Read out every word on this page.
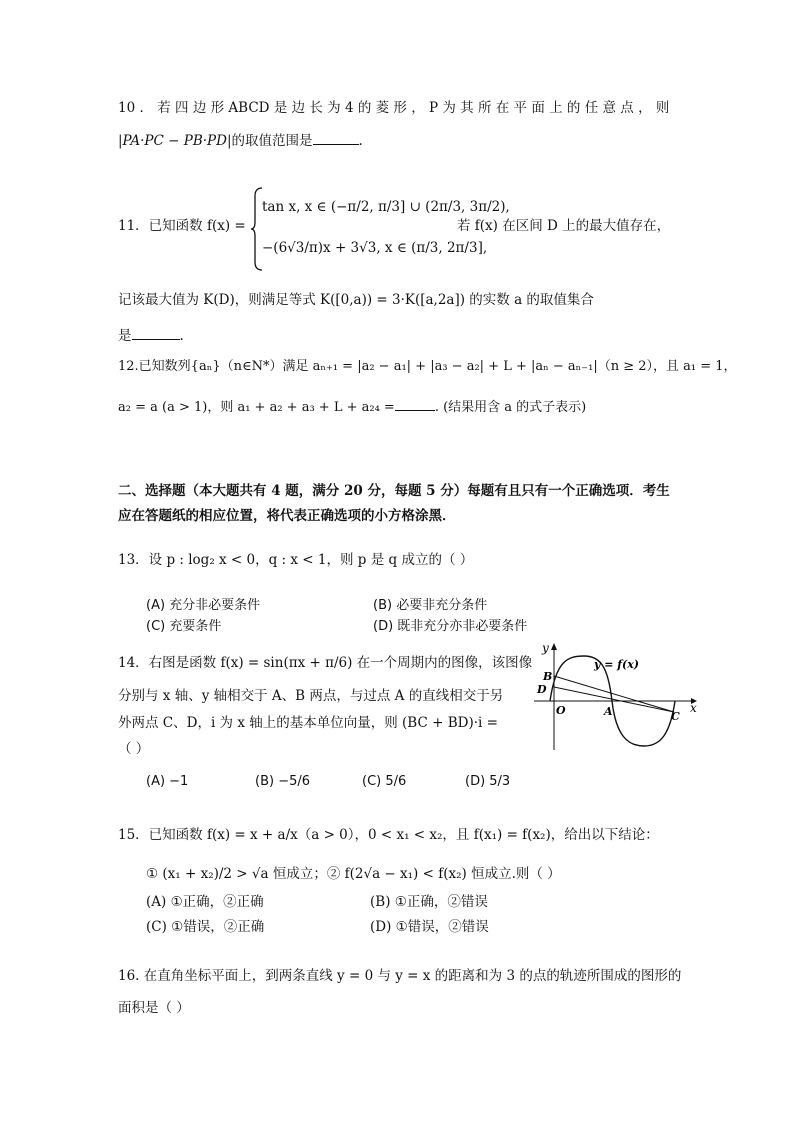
10 ． 若 四 边 形 ABCD 是 边 长 为 4 的 菱 形 ， P 为 其 所 在 平 面 上 的 任 意 点 ， 则
|PA·PC − PB·PD|的取值范围是	.
11．已知函数 f(x) =
tan x, x ∈ (−π/2, π/3] ∪ (2π/3, 3π/2),
−(6√3/π)x + 3√3, x ∈ (π/3, 2π/3],
若 f(x) 在区间 D 上的最大值存在，
记该最大值为 K(D)，则满足等式 K([0,a)) = 3·K([a,2a]) 的实数 a 的取值集合
是	.
12.已知数列{aₙ}（n∈N*）满足 aₙ₊₁ = |a₂ − a₁| + |a₃ − a₂| + L + |aₙ − aₙ₋₁|（n ≥ 2），且 a₁ = 1，
a₂ = a (a > 1)，则 a₁ + a₂ + a₃ + L + a₂₄ =	. (结果用含 a 的式子表示)
二、选择题（本大题共有 4 题，满分 20 分，每题 5 分）每题有且只有一个正确选项．考生
应在答题纸的相应位置，将代表正确选项的小方格涂黑．
13．设 p : log₂ x < 0，q : x < 1，则 p 是 q 成立的（ ）
(A) 充分非必要条件	(B) 必要非充分条件
(C) 充要条件	(D) 既非充分亦非必要条件
14．右图是函数 f(x) = sin(πx + π/6) 在一个周期内的图像，该图像
分别与 x 轴、y 轴相交于 A、B 两点，与过点 A 的直线相交于另
外两点 C、D，i 为 x 轴上的基本单位向量，则 (BC + BD)·i =
（ ）
(A) −1	(B) −5/6	(C) 5/6	(D) 5/3
y
x
y = f(x)
B
D
O	A	C
15．已知函数 f(x) = x + a/x（a > 0），0 < x₁ < x₂，且 f(x₁) = f(x₂)，给出以下结论：
① (x₁ + x₂)/2 > √a 恒成立；② f(2√a − x₁) < f(x₂) 恒成立.则（ ）
(A) ①正确，②正确	(B) ①正确，②错误
(C) ①错误，②正确	(D) ①错误，②错误
16. 在直角坐标平面上，到两条直线 y = 0 与 y = x 的距离和为 3 的点的轨迹所围成的图形的
面积是（ ）
